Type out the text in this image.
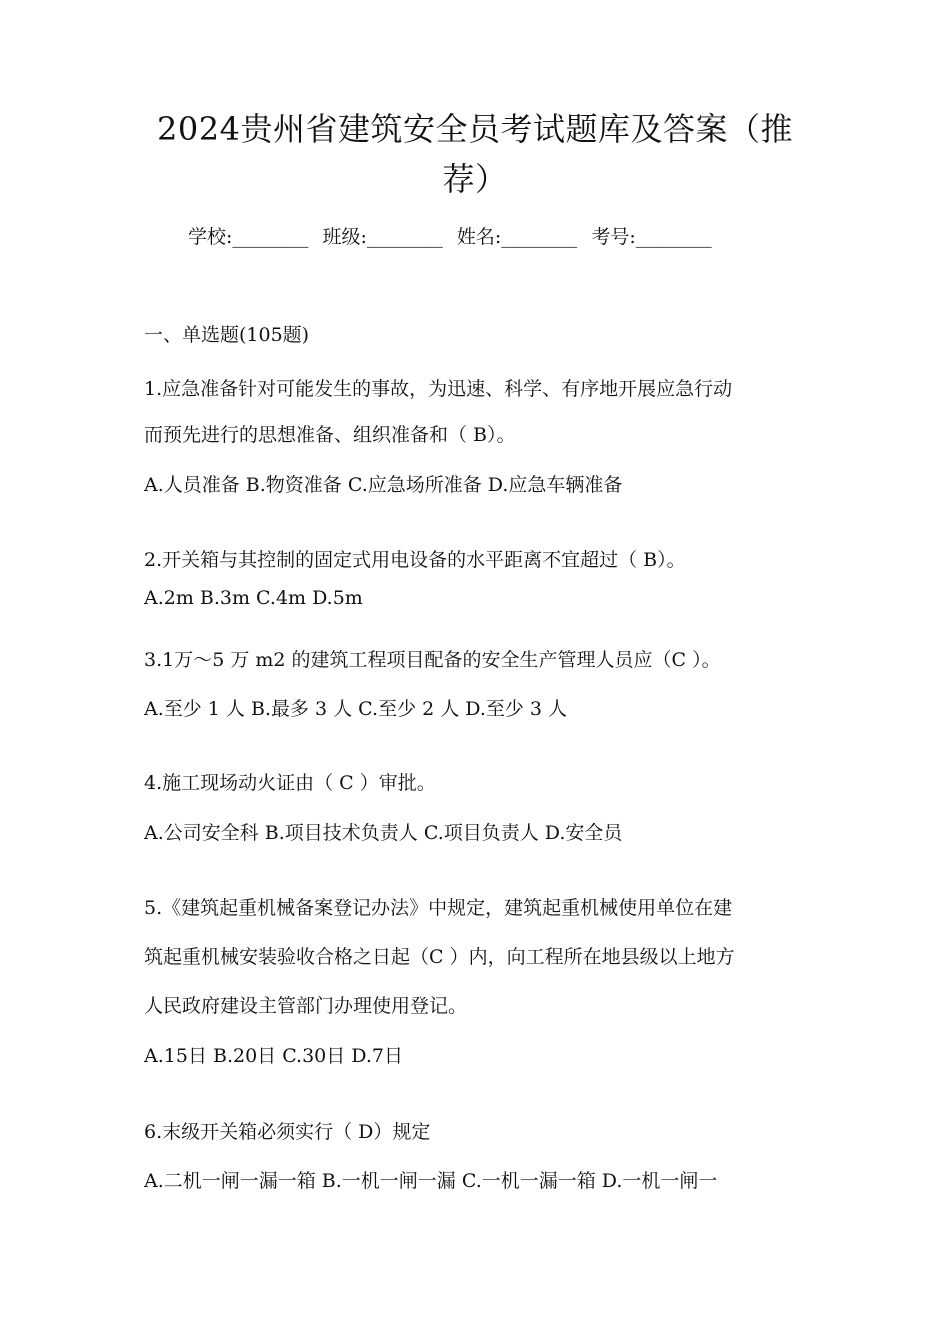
2024贵州省建筑安全员考试题库及答案（推
荐）
学校:________ 班级:________ 姓名:________ 考号:________
一、单选题(105题)
1.应急准备针对可能发生的事故，为迅速、科学、有序地开展应急行动
而预先进行的思想准备、组织准备和（ B）。
A.人员准备 B.物资准备 C.应急场所准备 D.应急车辆准备
2.开关箱与其控制的固定式用电设备的水平距离不宜超过（ B）。
A.2m B.3m C.4m D.5m
3.1万～5 万 m2 的建筑工程项目配备的安全生产管理人员应（C ）。
A.至少 1 人 B.最多 3 人 C.至少 2 人 D.至少 3 人
4.施工现场动火证由（ C ）审批。
A.公司安全科 B.项目技术负责人 C.项目负责人 D.安全员
5.《建筑起重机械备案登记办法》中规定，建筑起重机械使用单位在建
筑起重机械安装验收合格之日起（C ）内，向工程所在地县级以上地方
人民政府建设主管部门办理使用登记。
A.15日 B.20日 C.30日 D.7日
6.末级开关箱必须实行（ D）规定
A.二机一闸一漏一箱 B.一机一闸一漏 C.一机一漏一箱 D.一机一闸一
